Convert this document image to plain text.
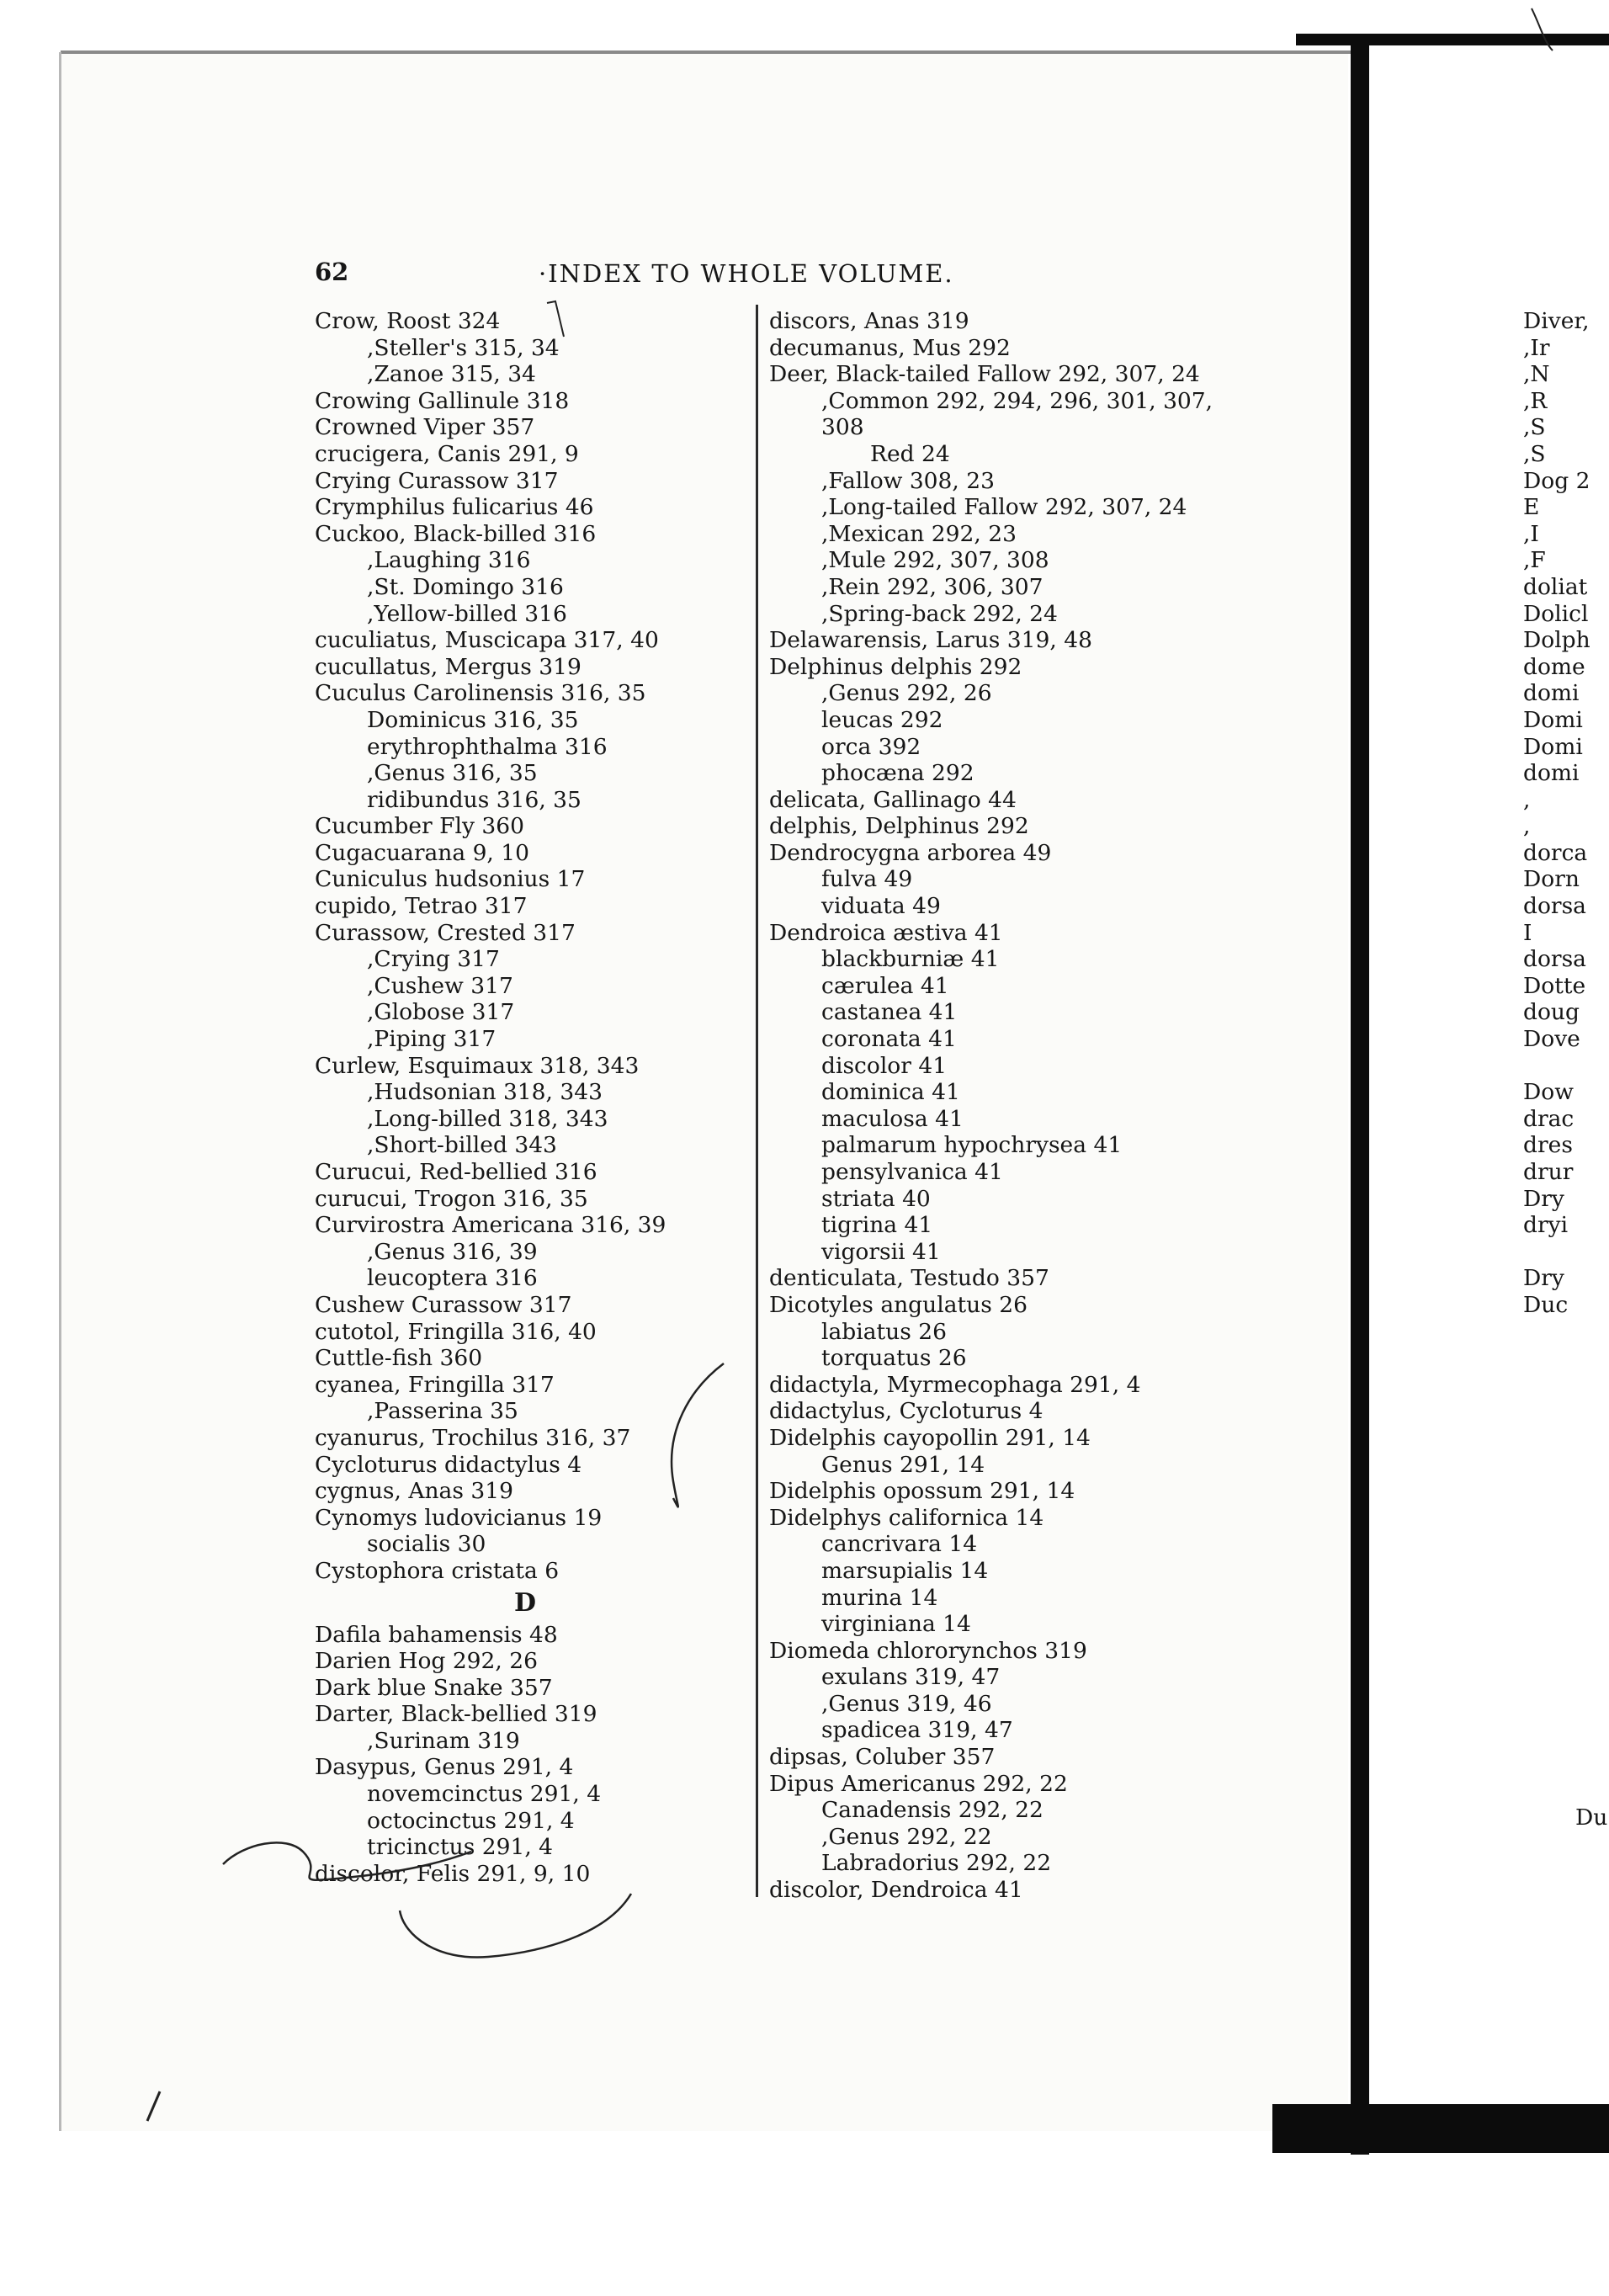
62	·INDEX TO WHOLE VOLUME.
Crow, Roost 324
,Steller's 315, 34
,Zanoe 315, 34
Crowing Gallinule 318
Crowned Viper 357
crucigera, Canis 291, 9
Crying Curassow 317
Crymphilus fulicarius 46
Cuckoo, Black-billed 316
,Laughing 316
,St. Domingo 316
,Yellow-billed 316
cuculiatus, Muscicapa 317, 40
cucullatus, Mergus 319
Cuculus Carolinensis 316, 35
Dominicus 316, 35
erythrophthalma 316
,Genus 316, 35
ridibundus 316, 35
Cucumber Fly 360
Cugacuarana 9, 10
Cuniculus hudsonius 17
cupido, Tetrao 317
Curassow, Crested 317
,Crying 317
,Cushew 317
,Globose 317
,Piping 317
Curlew, Esquimaux 318, 343
,Hudsonian 318, 343
,Long-billed 318, 343
,Short-billed 343
Curucui, Red-bellied 316
curucui, Trogon 316, 35
Curvirostra Americana 316, 39
,Genus 316, 39
leucoptera 316
Cushew Curassow 317
cutotol, Fringilla 316, 40
Cuttle-fish 360
cyanea, Fringilla 317
,Passerina 35
cyanurus, Trochilus 316, 37
Cycloturus didactylus 4
cygnus, Anas 319
Cynomys ludovicianus 19
socialis 30
Cystophora cristata 6
D
Dafila bahamensis 48
Darien Hog 292, 26
Dark blue Snake 357
Darter, Black-bellied 319
,Surinam 319
Dasypus, Genus 291, 4
novemcinctus 291, 4
octocinctus 291, 4
tricinctus 291, 4
discolor, Felis 291, 9, 10
discors, Anas 319
decumanus, Mus 292
Deer, Black-tailed Fallow 292, 307, 24
,Common 292, 294, 296, 301, 307,
308
Red 24
,Fallow 308, 23
,Long-tailed Fallow 292, 307, 24
,Mexican 292, 23
,Mule 292, 307, 308
,Rein 292, 306, 307
,Spring-back 292, 24
Delawarensis, Larus 319, 48
Delphinus delphis 292
,Genus 292, 26
leucas 292
orca 392
phocæna 292
delicata, Gallinago 44
delphis, Delphinus 292
Dendrocygna arborea 49
fulva 49
viduata 49
Dendroica æstiva 41
blackburniæ 41
cærulea 41
castanea 41
coronata 41
discolor 41
dominica 41
maculosa 41
palmarum hypochrysea 41
pensylvanica 41
striata 40
tigrina 41
vigorsii 41
denticulata, Testudo 357
Dicotyles angulatus 26
labiatus 26
torquatus 26
didactyla, Myrmecophaga 291, 4
didactylus, Cycloturus 4
Didelphis cayopollin 291, 14
Genus 291, 14
Didelphis opossum 291, 14
Didelphys californica 14
cancrivara 14
marsupialis 14
murina 14
virginiana 14
Diomeda chlororynchos 319
exulans 319, 47
,Genus 319, 46
spadicea 319, 47
dipsas, Coluber 357
Dipus Americanus 292, 22
Canadensis 292, 22
,Genus 292, 22
Labradorius 292, 22
discolor, Dendroica 41
Diver,
,Ir
,N
,R
,S
,S
Dog 2
E
,I
,F
doliat
Dolicl
Dolph
dome
domi
Domi
Domi
domi
,
,
dorca
Dorn
dorsa
I
dorsa
Dotte
doug
Dove

Dow
drac
dres
drur
Dry
dryi

Dry
Duc
Du
